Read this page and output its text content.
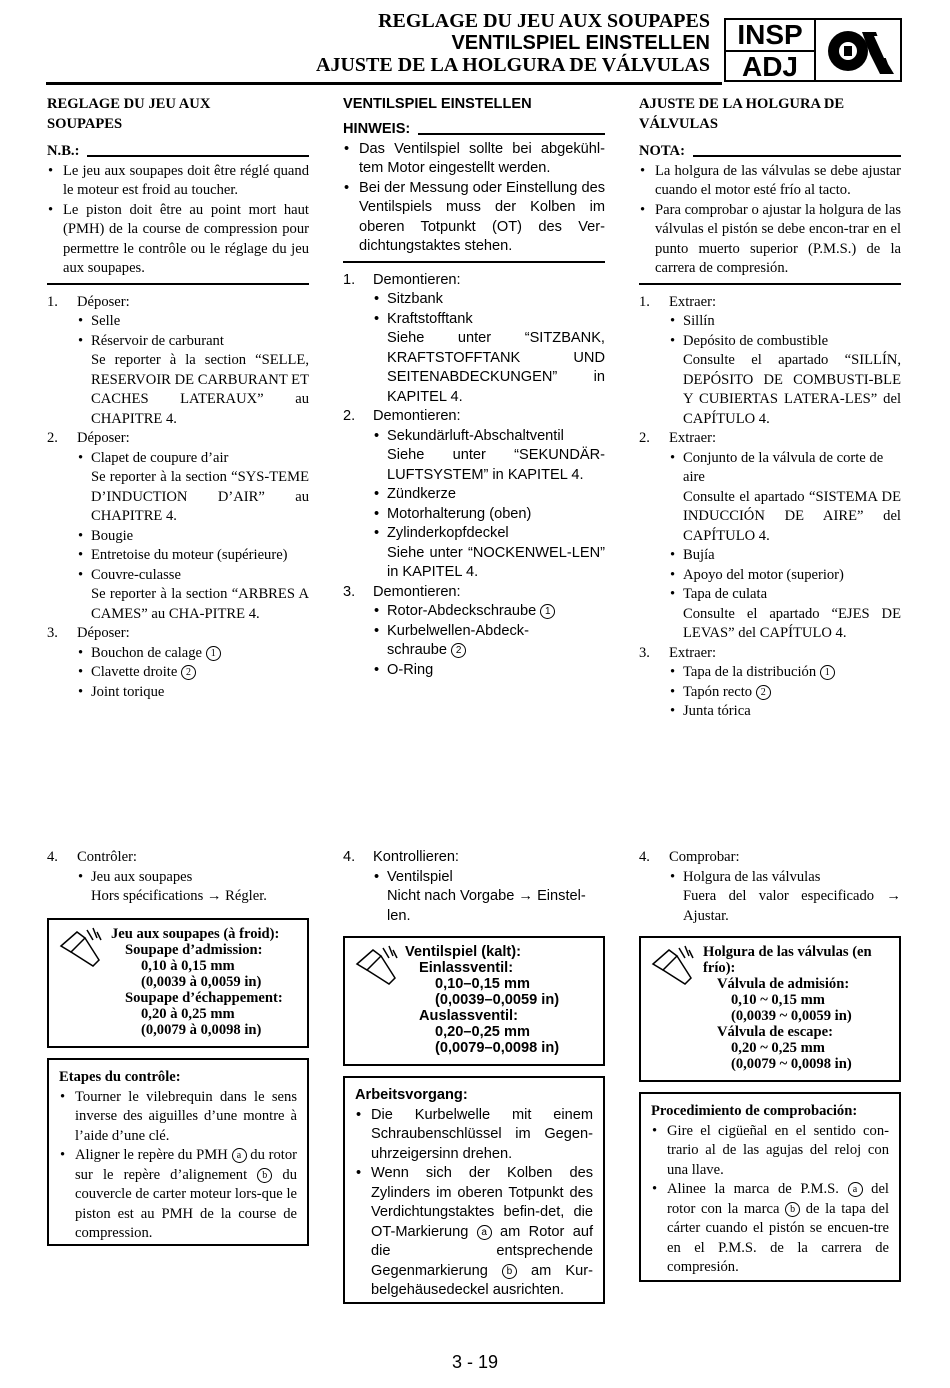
REGLAGE DU JEU AUX SOUPAPES
VENTILSPIEL EINSTELLEN
AJUSTE DE LA HOLGURA DE VÁLVULAS
INSP
ADJ
REGLAGE DU JEU AUX
SOUPAPES
N.B.:
• Le jeu aux soupapes doit être réglé quand le moteur est froid au toucher.
• Le piston doit être au point mort haut (PMH) de la course de compression pour permettre le contrôle ou le réglage du jeu aux soupapes.
1. Déposer:
• Selle
• Réservoir de carburant
Se reporter à la section “SELLE, RESERVOIR DE CARBURANT ET CACHES LATERAUX” au CHAPITRE 4.
2. Déposer:
• Clapet de coupure d’air
Se reporter à la section “SYS-TEME D’INDUCTION D’AIR” au CHAPITRE 4.
• Bougie
• Entretoise du moteur (supérieure)
• Couvre-culasse
Se reporter à la section “ARBRES A CAMES” au CHA-PITRE 4.
3. Déposer:
• Bouchon de calage 1
• Clavette droite 2
• Joint torique
VENTILSPIEL EINSTELLEN
HINWEIS:
• Das Ventilspiel sollte bei abgekühl-tem Motor eingestellt werden.
• Bei der Messung oder Einstellung des Ventilspiels muss der Kolben im oberen Totpunkt (OT) des Ver-dichtungstaktes stehen.
1. Demontieren:
• Sitzbank
• Kraftstofftank
Siehe unter “SITZBANK, KRAFTSTOFFTANK UND SEITENABDECKUNGEN” in KAPITEL 4.
2. Demontieren:
• Sekundärluft-Abschaltventil
Siehe unter “SEKUNDÄR-LUFTSYSTEM” in KAPITEL 4.
• Zündkerze
• Motorhalterung (oben)
• Zylinderkopfdeckel
Siehe unter “NOCKENWEL-LEN” in KAPITEL 4.
3. Demontieren:
• Rotor-Abdeckschraube 1
• Kurbelwellen-Abdeck-
schraube 2
• O-Ring
AJUSTE DE LA HOLGURA DE
VÁLVULAS
NOTA:
• La holgura de las válvulas se debe ajustar cuando el motor esté frío al tacto.
• Para comprobar o ajustar la holgura de las válvulas el pistón se debe encon-trar en el punto muerto superior (P.M.S.) de la carrera de compresión.
1. Extraer:
• Sillín
• Depósito de combustible
Consulte el apartado “SILLÍN, DEPÓSITO DE COMBUSTI-BLE Y CUBIERTAS LATERA-LES” del CAPÍTULO 4.
2. Extraer:
• Conjunto de la válvula de corte de aire
Consulte el apartado “SISTEMA DE INDUCCIÓN DE AIRE” del CAPÍTULO 4.
• Bujía
• Apoyo del motor (superior)
• Tapa de culata
Consulte el apartado “EJES DE LEVAS” del CAPÍTULO 4.
3. Extraer:
• Tapa de la distribución 1
• Tapón recto 2
• Junta tórica
4. Contrôler:
• Jeu aux soupapes
Hors spécifications → Régler.
Jeu aux soupapes (à froid):
Soupape d’admission:
0,10 à 0,15 mm
(0,0039 à 0,0059 in)
Soupape d’échappement:
0,20 à 0,25 mm
(0,0079 à 0,0098 in)
Etapes du contrôle:
• Tourner le vilebrequin dans le sens inverse des aiguilles d’une montre à l’aide d’une clé.
• Aligner le repère du PMH a du rotor sur le repère d’alignement b du couvercle de carter moteur lors-que le piston est au PMH de la course de compression.
4. Kontrollieren:
• Ventilspiel
Nicht nach Vorgabe → Einstel-len.
Ventilspiel (kalt):
Einlassventil:
0,10–0,15 mm
(0,0039–0,0059 in)
Auslassventil:
0,20–0,25 mm
(0,0079–0,0098 in)
Arbeitsvorgang:
• Die Kurbelwelle mit einem Schraubenschlüssel im Gegen-uhrzeigersinn drehen.
• Wenn sich der Kolben des Zylinders im oberen Totpunkt des Verdichtungstaktes befin-det, die OT-Markierung a am Rotor auf die entsprechende Gegenmarkierung b am Kur-belgehäusedeckel ausrichten.
4. Comprobar:
• Holgura de las válvulas
Fuera del valor especificado → Ajustar.
Holgura de las válvulas (en frío):
Válvula de admisión:
0,10 ~ 0,15 mm
(0,0039 ~ 0,0059 in)
Válvula de escape:
0,20 ~ 0,25 mm
(0,0079 ~ 0,0098 in)
Procedimiento de comprobación:
• Gire el cigüeñal en el sentido con-trario al de las agujas del reloj con una llave.
• Alinee la marca de P.M.S. a del rotor con la marca b de la tapa del cárter cuando el pistón se encuen-tre en el P.M.S. de la carrera de compresión.
3 - 19
